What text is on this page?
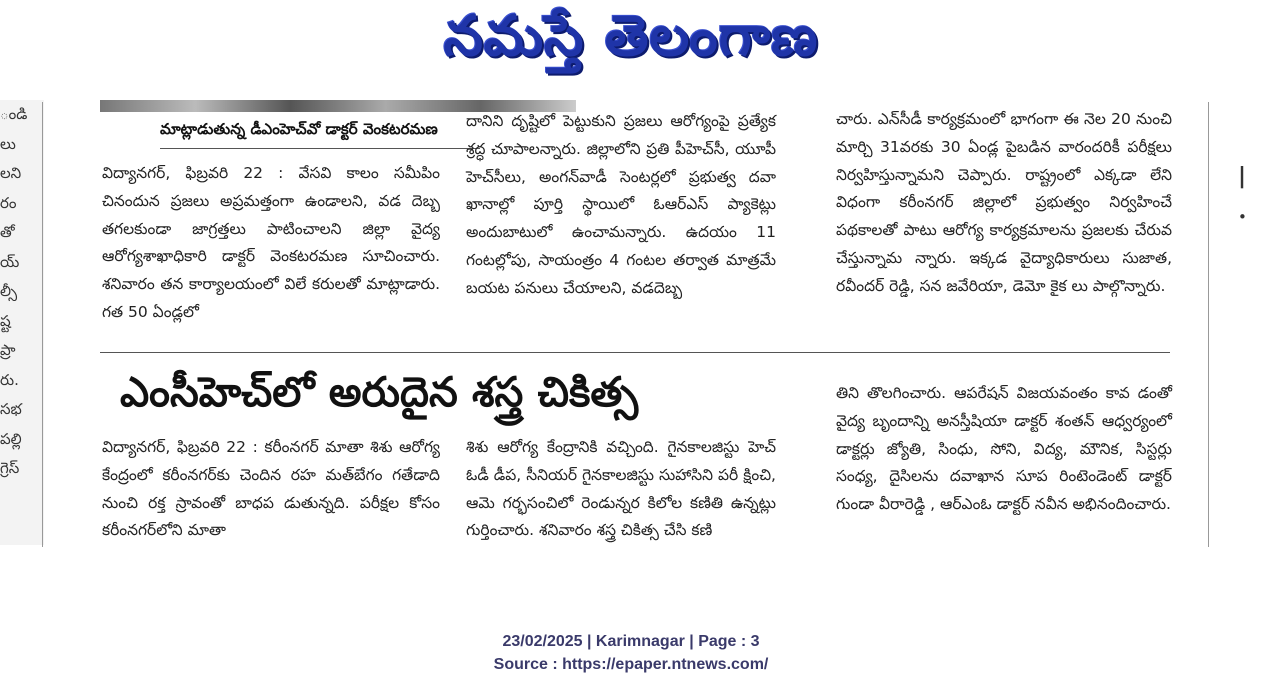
నమస్తే తెలంగాణ
ండి
లు
లని
రం
తో
య్
ల్సీ
ష్ట
ప్రా
రు.
సభ
పల్లి
గ్రెస్
|
•
మాట్లాడుతున్న డీఎంహెచ్‌వో డాక్టర్‌ వెంకటరమణ

విద్యానగర్‌, ఫిబ్రవరి 22 : వేసవి కాలం సమీపిం చినందున ప్రజలు అప్రమత్తంగా ఉండాలని, వడ దెబ్బ తగలకుండా జాగ్రత్తలు పాటించాలని జిల్లా వైద్య ఆరోగ్యశాఖాధికారి డాక్టర్‌ వెంకటరమణ సూచించారు. శనివారం తన కార్యాలయంలో విలే కరులతో మాట్లాడారు. గత 50 ఏండ్లలో

దానిని దృష్టిలో పెట్టుకుని ప్రజలు ఆరోగ్యంపై ప్రత్యేక శ్రద్ధ చూపాలన్నారు. జిల్లాలోని ప్రతి పీహెచ్‌సీ, యూపీ హెచ్‌సీలు, అంగన్‌వాడీ సెంటర్లలో ప్రభుత్వ దవా ఖానాల్లో పూర్తి స్థాయిలో ఓఆర్‌ఎస్‌ ప్యాకెట్లు అందుబాటులో ఉంచామన్నారు. ఉదయం 11 గంటల్లోపు, సాయంత్రం 4 గంటల తర్వాత మాత్రమే బయట పనులు చేయాలని, వడదెబ్బ

చారు. ఎన్‌సీడీ కార్యక్రమంలో భాగంగా ఈ నెల 20 నుంచి మార్చి 31వరకు 30 ఏండ్ల పైబడిన వారందరికీ పరీక్షలు నిర్వహిస్తున్నామని చెప్పారు. రాష్ట్రంలో ఎక్కడా లేని విధంగా కరీంనగర్‌ జిల్లాలో ప్రభుత్వం నిర్వహించే పథకాలతో పాటు ఆరోగ్య కార్యక్రమాలను ప్రజలకు చేరువ చేస్తున్నామ న్నారు. ఇక్కడ వైద్యాధికారులు సుజాత, రవీందర్‌ రెడ్డి, సన జవేరియా, డెమో కైక లు పాల్గొన్నారు.

ఎంసీహెచ్‌లో అరుదైన శస్త్ర చికిత్స

విద్యానగర్‌, ఫిబ్రవరి 22 : కరీంనగర్‌ మాతా శిశు ఆరోగ్య కేంద్రంలో కరీంనగర్‌కు చెందిన రహ మత్‌బేగం గతేడాది నుంచి రక్త స్రావంతో బాధప డుతున్నది. పరీక్షల కోసం కరీంనగర్‌లోని మాతా

శిశు ఆరోగ్య కేంద్రానికి వచ్చింది. గైనకాలజిస్టు హెచ్‌ ఓడీ డీప, సీనియర్‌ గైనకాలజిస్టు సుహాసిని పరీ క్షించి, ఆమె గర్భసంచిలో రెండున్నర కిలోల కణితి ఉన్నట్లు గుర్తించారు. శనివారం శస్త్ర చికిత్స చేసి కణి

తిని తొలగించారు. ఆపరేషన్‌ విజయవంతం కావ డంతో వైద్య బృందాన్ని అనస్తీషియా డాక్టర్‌ శంతన్‌ ఆధ్వర్యంలో డాక్టర్లు జ్యోతి, సింధు, సోని, విద్య, మౌనిక, సిస్టర్లు సంధ్య, దైసిలను దవాఖాన సూప రింటెండెంట్‌ డాక్టర్‌ గుండా వీరారెడ్డి , ఆర్‌ఎంఓ డాక్టర్‌ నవీన అభినందించారు.

23/02/2025 | Karimnagar | Page : 3
Source : https://epaper.ntnews.com/
